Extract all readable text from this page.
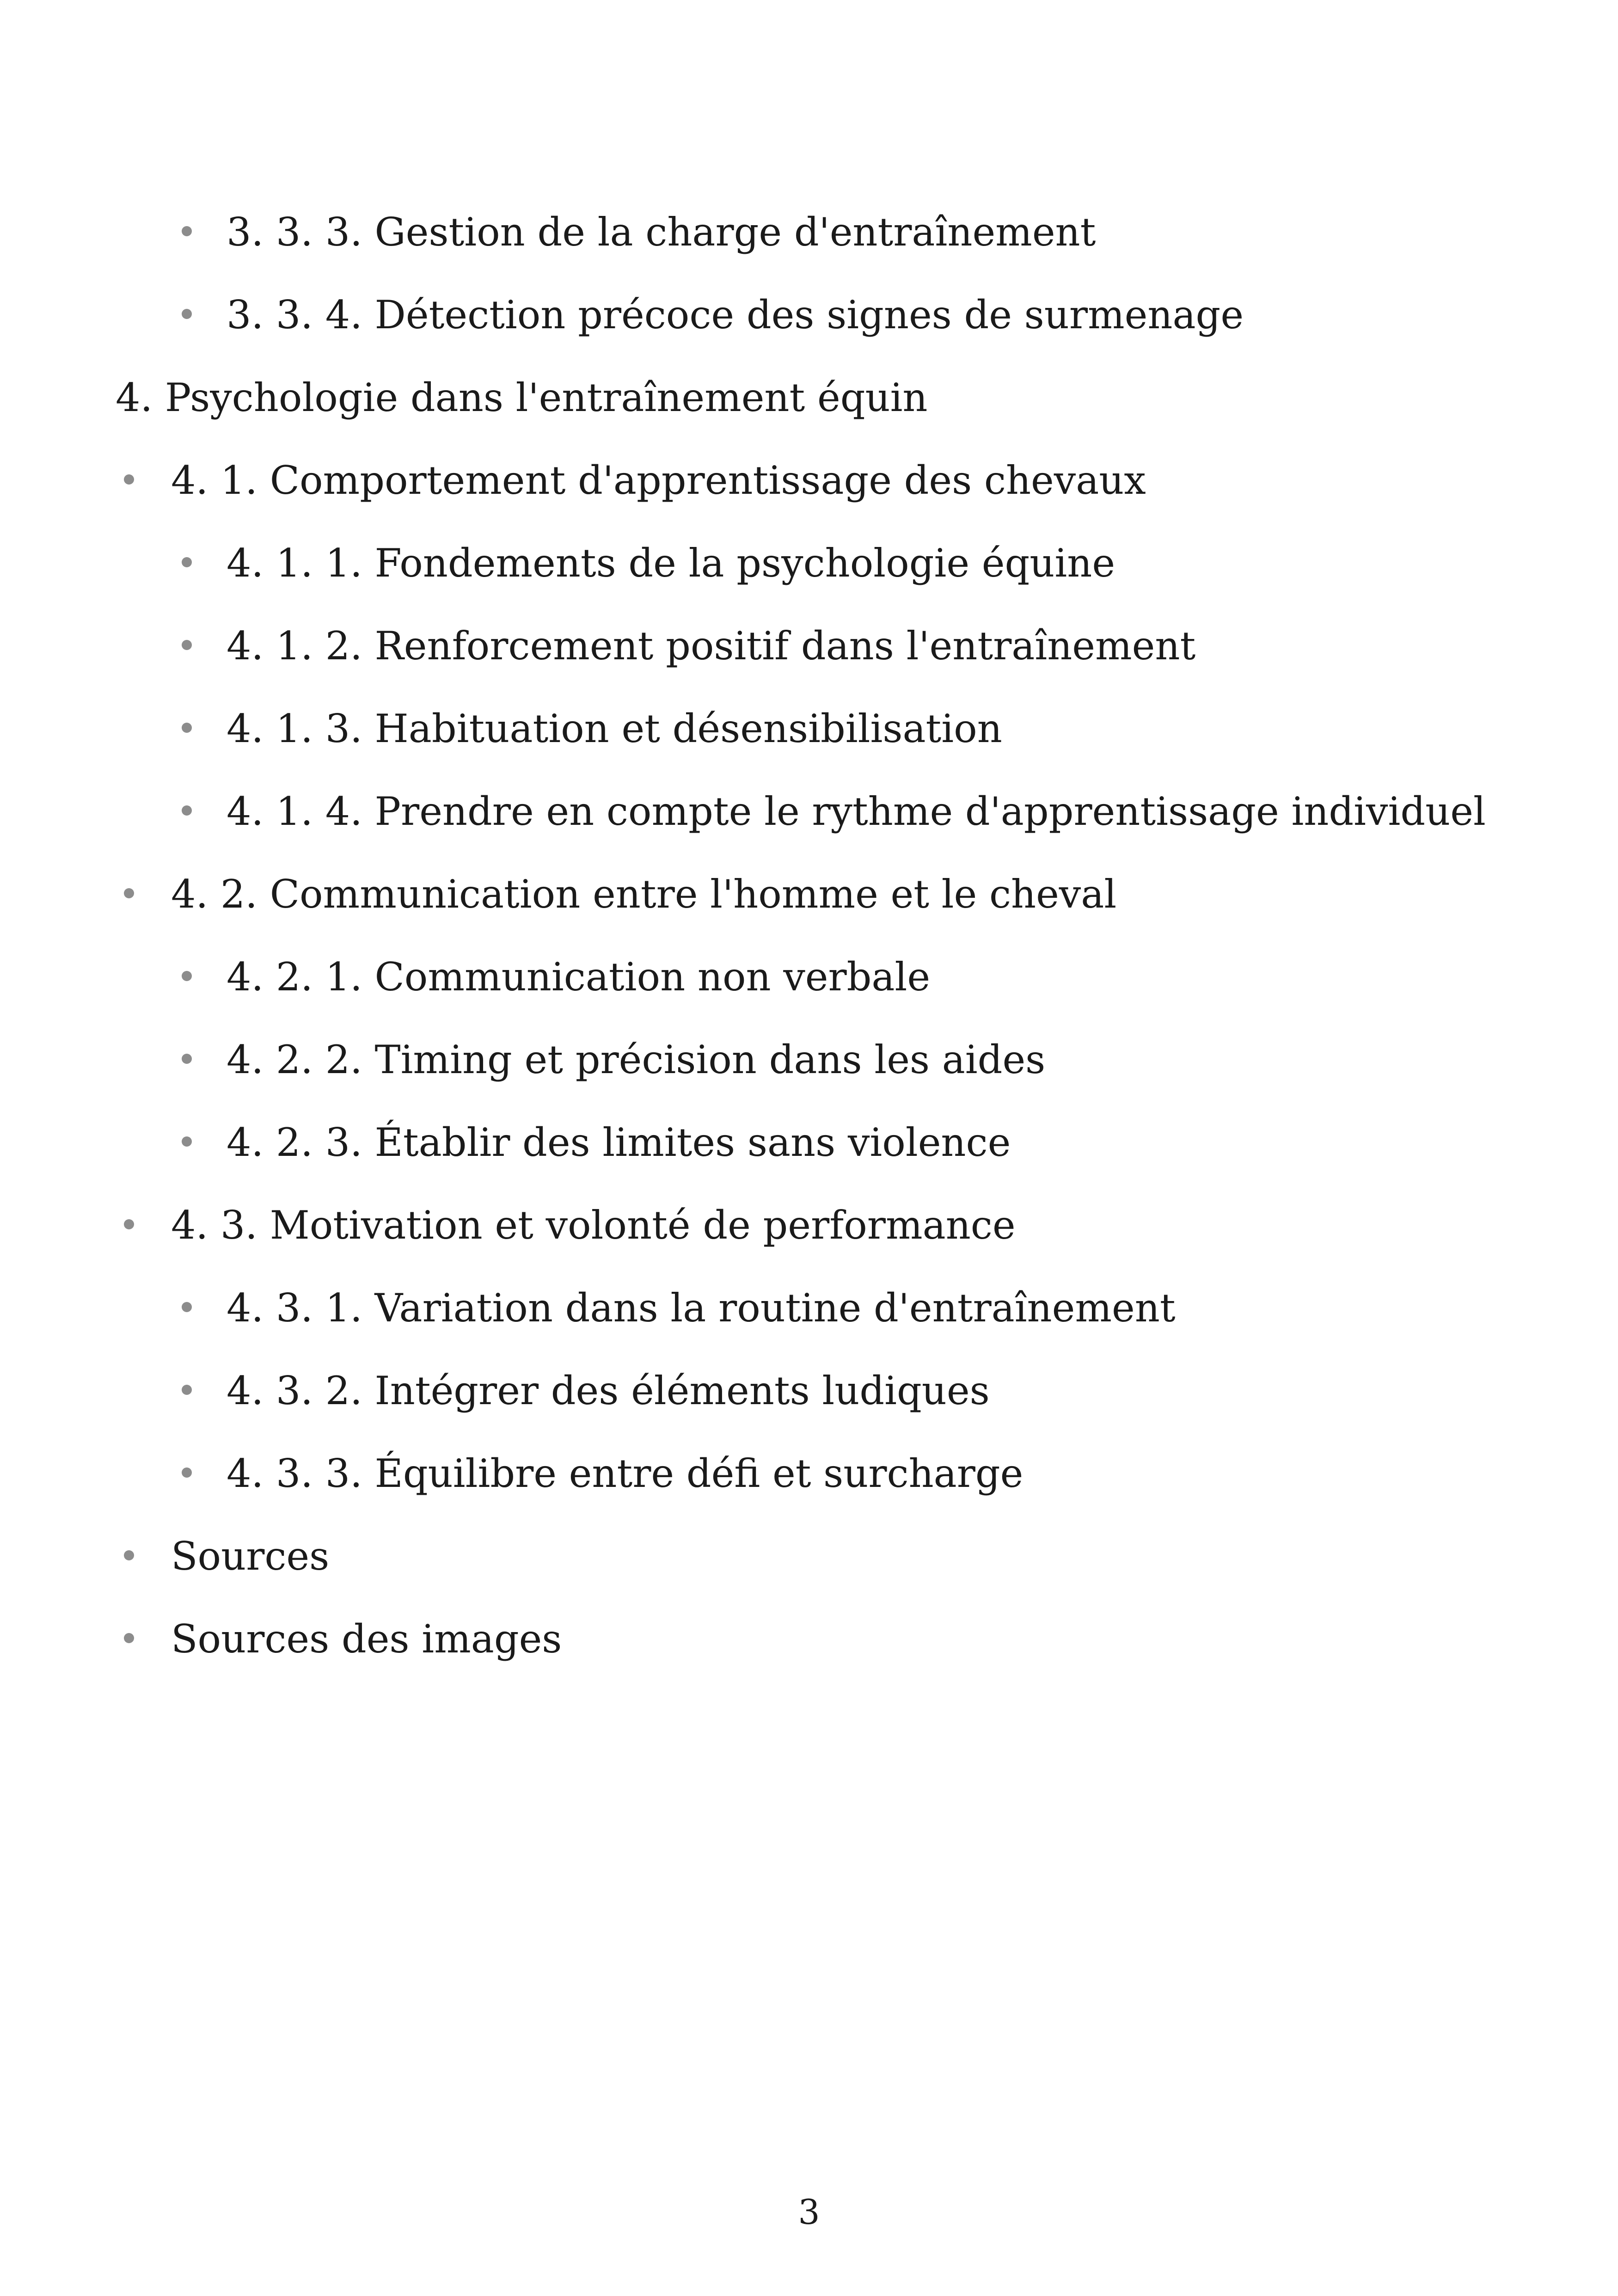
3. 3. 3. Gestion de la charge d'entraînement
3. 3. 4. Détection précoce des signes de surmenage
4. Psychologie dans l'entraînement équin
4. 1. Comportement d'apprentissage des chevaux
4. 1. 1. Fondements de la psychologie équine
4. 1. 2. Renforcement positif dans l'entraînement
4. 1. 3. Habituation et désensibilisation
4. 1. 4. Prendre en compte le rythme d'apprentissage individuel
4. 2. Communication entre l'homme et le cheval
4. 2. 1. Communication non verbale
4. 2. 2. Timing et précision dans les aides
4. 2. 3. Établir des limites sans violence
4. 3. Motivation et volonté de performance
4. 3. 1. Variation dans la routine d'entraînement
4. 3. 2. Intégrer des éléments ludiques
4. 3. 3. Équilibre entre défi et surcharge
Sources
Sources des images
3
